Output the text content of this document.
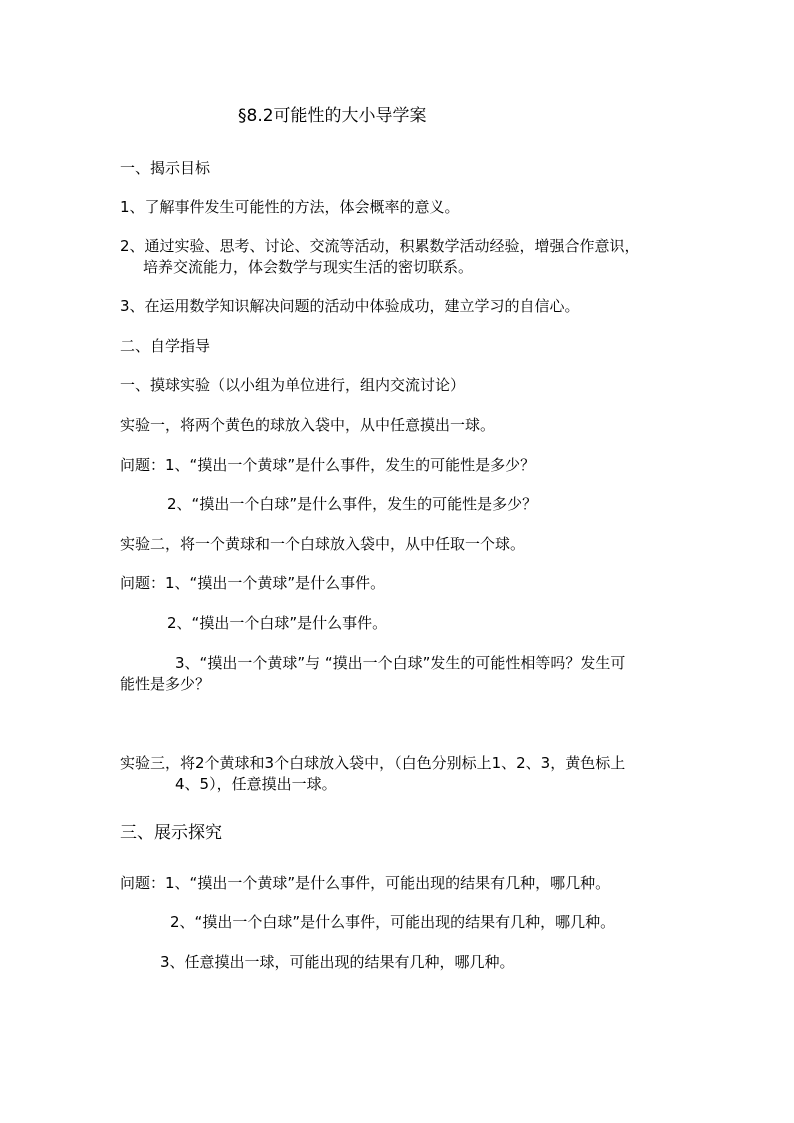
§8.2可能性的大小导学案
一、揭示目标
1、了解事件发生可能性的方法，体会概率的意义。
2、通过实验、思考、讨论、交流等活动，积累数学活动经验，增强合作意识，
培养交流能力，体会数学与现实生活的密切联系。
3、在运用数学知识解决问题的活动中体验成功，建立学习的自信心。
二、自学指导
一、摸球实验（以小组为单位进行，组内交流讨论）
实验一，将两个黄色的球放入袋中，从中任意摸出一球。
问题：1、“摸出一个黄球”是什么事件，发生的可能性是多少？
2、“摸出一个白球”是什么事件，发生的可能性是多少？
实验二，将一个黄球和一个白球放入袋中，从中任取一个球。
问题：1、“摸出一个黄球”是什么事件。
2、“摸出一个白球”是什么事件。
3、“摸出一个黄球”与 “摸出一个白球”发生的可能性相等吗？发生可
能性是多少？
实验三，将2个黄球和3个白球放入袋中，（白色分别标上1、2、3，黄色标上
4、5），任意摸出一球。
三、展示探究
问题：1、“摸出一个黄球”是什么事件，可能出现的结果有几种，哪几种。
2、“摸出一个白球”是什么事件，可能出现的结果有几种，哪几种。
3、任意摸出一球，可能出现的结果有几种，哪几种。
